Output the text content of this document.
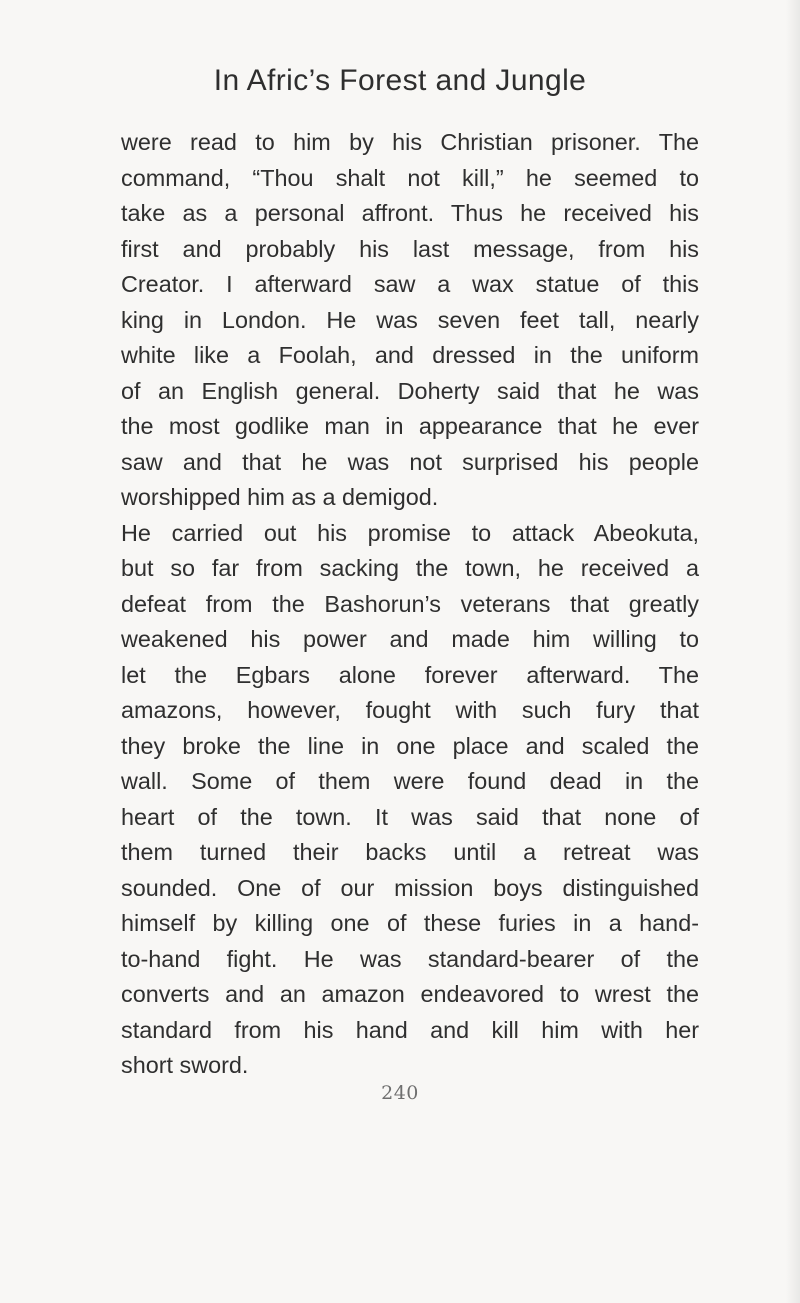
In Afric’s Forest and Jungle
were read to him by his Christian prisoner. The
command, “Thou shalt not kill,” he seemed to
take as a personal affront. Thus he received his
first and probably his last message, from his
Creator. I afterward saw a wax statue of this
king in London. He was seven feet tall, nearly
white like a Foolah, and dressed in the uniform
of an English general. Doherty said that he was
the most godlike man in appearance that he ever
saw and that he was not surprised his people
worshipped him as a demigod.
He carried out his promise to attack Abeokuta,
but so far from sacking the town, he received a
defeat from the Bashorun’s veterans that greatly
weakened his power and made him willing to
let the Egbars alone forever afterward. The
amazons, however, fought with such fury that
they broke the line in one place and scaled the
wall. Some of them were found dead in the
heart of the town. It was said that none of
them turned their backs until a retreat was
sounded. One of our mission boys distinguished
himself by killing one of these furies in a hand-
to-hand fight. He was standard-bearer of the
converts and an amazon endeavored to wrest the
standard from his hand and kill him with her
short sword.
240
